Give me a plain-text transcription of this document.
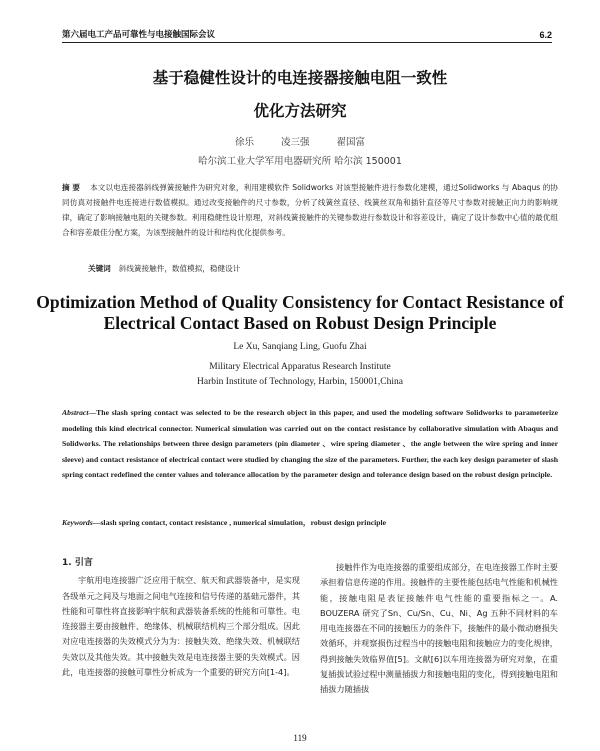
第六届电工产品可靠性与电接触国际会议	6.2
基于稳健性设计的电连接器接触电阻一致性
优化方法研究
徐乐	凌三强	翟国富
哈尔滨工业大学军用电器研究所 哈尔滨 150001
摘 要 本文以电连接器斜线弹簧接触件为研究对象，利用建模软件 Solidworks 对该型接触件进行参数化建模，通过Solidworks 与 Abaqus 的协同仿真对接触件电连接进行数值模拟。通过改变接触件的尺寸参数，分析了线簧丝直径、线簧丝双角和插针直径等尺寸参数对接触正向力的影响规律，确定了影响接触电阻的关键参数。利用稳健性设计原理，对斜线簧接触件的关键参数进行参数设计和容差设计，确定了设计参数中心值的最优组合和容差最佳分配方案，为该型接触件的设计和结构优化提供参考。
关键词 斜线簧接触件，数值模拟，稳健设计
Optimization Method of Quality Consistency for Contact Resistance of
Electrical Contact Based on Robust Design Principle
Le Xu, Sanqiang Ling, Guofu Zhai
Military Electrical Apparatus Research Institute
Harbin Institute of Technology, Harbin, 150001,China
Abstract—The slash spring contact was selected to be the research object in this paper, and used the modeling software Solidworks to parameterize modeling this kind electrical connector. Numerical simulation was carried out on the contact resistance by collaborative simulation with Abaqus and Solidworks. The relationships between three design parameters (pin diameter 、wire spring diameter 、the angle between the wire spring and inner sleeve) and contact resistance of electrical contact were studied by changing the size of the parameters. Further, the each key design parameter of slash spring contact redefined the center values and tolerance allocation by the parameter design and tolerance design based on the robust design principle.
Keywords—slash spring contact, contact resistance , numerical simulation，robust design principle
1. 引言
宇航用电连接器广泛应用于航空、航天和武器装备中，是实现各级单元之间及与地面之间电气连接和信号传递的基础元器件，其性能和可靠性将直接影响宇航和武器装备系统的性能和可靠性。电连接器主要由接触件、绝缘体、机械联结机构三个部分组成。因此对应电连接器的失效模式分为为：接触失效、绝缘失效、机械联结失效以及其他失效。其中接触失效是电连接器主要的失效模式。因此，电连接器的接触可靠性分析成为一个重要的研究方向[1-4]。
接触件作为电连接器的重要组成部分，在电连接器工作时主要承担着信息传递的作用。接触件的主要性能包括电气性能和机械性能，接触电阻是表征接触件电气性能的重要指标之一。A. BOUZERA 研究了Sn、Cu/Sn、Cu、Ni、Ag 五种不同材料的车用电连接器在不同的接触压力的条件下，接触件的最小微动磨损失效循环，并观察损伤过程当中的接触电阻和接触应力的变化规律，得到接触失效临界值[5]。文献[6]以车用连接器为研究对象，在重复插拔试验过程中测量插拔力和接触电阻的变化，得到接触电阻和插拔力随插拔
119
